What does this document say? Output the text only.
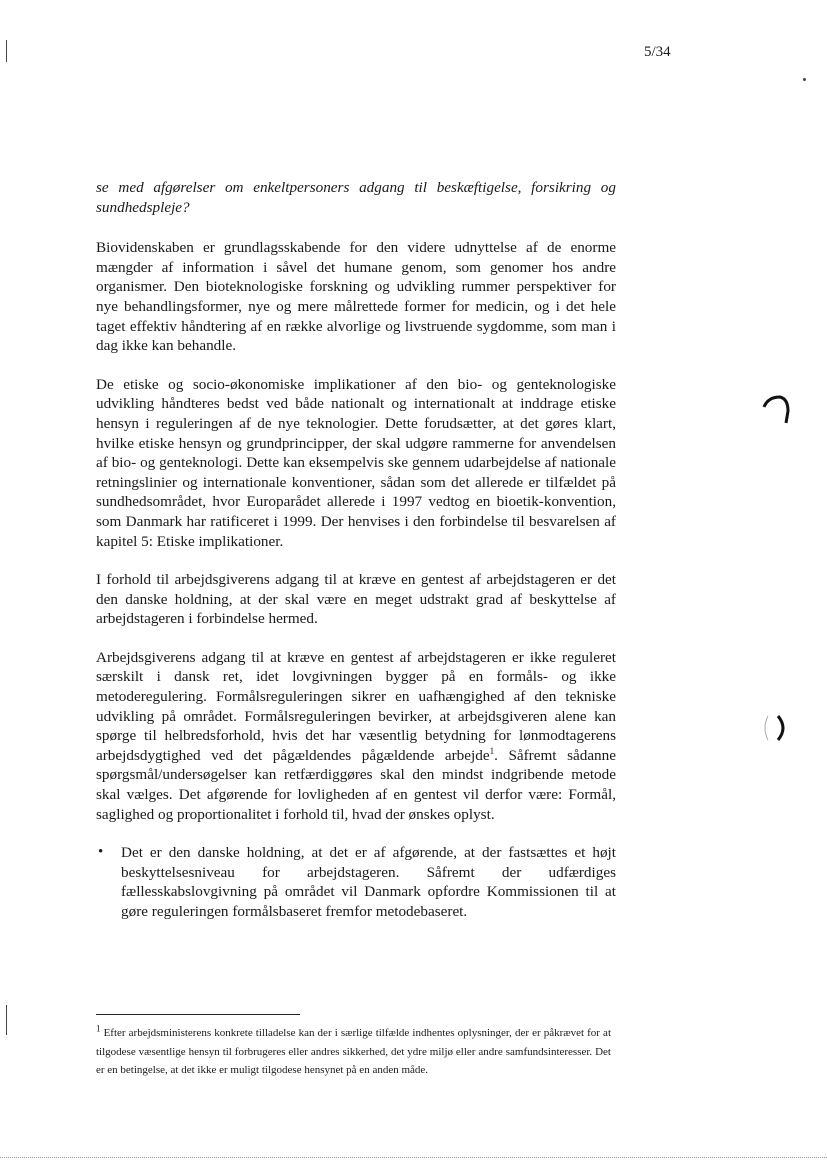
5/34

se med afgørelser om enkeltpersoners adgang til beskæftigelse, forsikring og sundhedspleje?

Biovidenskaben er grundlagsskabende for den videre udnyttelse af de enorme mængder af information i såvel det humane genom, som genomer hos andre organismer. Den bioteknologiske forskning og udvikling rummer perspektiver for nye behandlingsformer, nye og mere målrettede former for medicin, og i det hele taget effektiv håndtering af en række alvorlige og livstruende sygdomme, som man i dag ikke kan behandle.

De etiske og socio-økonomiske implikationer af den bio- og genteknologiske udvikling håndteres bedst ved både nationalt og internationalt at inddrage etiske hensyn i reguleringen af de nye teknologier. Dette forudsætter, at det gøres klart, hvilke etiske hensyn og grundprincipper, der skal udgøre rammerne for anvendelsen af bio- og genteknologi. Dette kan eksempelvis ske gennem udarbejdelse af nationale retningslinier og internationale konventioner, sådan som det allerede er tilfældet på sundhedsområdet, hvor Europarådet allerede i 1997 vedtog en bioetik-konvention, som Danmark har ratificeret i 1999. Der henvises i den forbindelse til besvarelsen af kapitel 5: Etiske implikationer.

I forhold til arbejdsgiverens adgang til at kræve en gentest af arbejdstageren er det den danske holdning, at der skal være en meget udstrakt grad af beskyttelse af arbejdstageren i forbindelse hermed.

Arbejdsgiverens adgang til at kræve en gentest af arbejdstageren er ikke reguleret særskilt i dansk ret, idet lovgivningen bygger på en formåls- og ikke metoderegulering. Formålsreguleringen sikrer en uafhængighed af den tekniske udvikling på området. Formålsreguleringen bevirker, at arbejdsgiveren alene kan spørge til helbredsforhold, hvis det har væsentlig betydning for lønmodtagerens arbejdsdygtighed ved det pågældendes pågældende arbejde$^1$. Såfremt sådanne spørgsmål/undersøgelser kan retfærdiggøres skal den mindst indgribende metode skal vælges. Det afgørende for lovligheden af en gentest vil derfor være: Formål, saglighed og proportionalitet i forhold til, hvad der ønskes oplyst.

• Det er den danske holdning, at det er af afgørende, at der fastsættes et højt beskyttelsesniveau for arbejdstageren. Såfremt der udfærdiges fællesskabslovgivning på området vil Danmark opfordre Kommissionen til at gøre reguleringen formålsbaseret fremfor metodebaseret.
$^1$ Efter arbejdsministerens konkrete tilladelse kan der i særlige tilfælde indhentes oplysninger, der er påkrævet for at tilgodese væsentlige hensyn til forbrugeres eller andres sikkerhed, det ydre miljø eller andre samfundsinteresser. Det er en betingelse, at det ikke er muligt tilgodese hensynet på en anden måde.
